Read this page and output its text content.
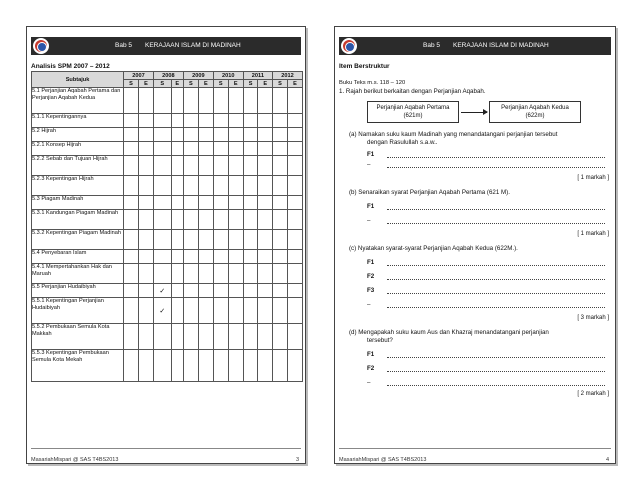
Bab 5 KERAJAAN ISLAM DI MADINAH
Analisis SPM 2007 – 2012
Subtajuk	2007		2008		2009		2010		2011		2012	
	S	E	S	E	S	E	S	E	S	E	S	E
5.1 Perjanjian Aqabah Pertama dan Perjanjian Aqabah Kedua												
5.1.1 Kepentingannya												
5.2 Hijrah												
5.2.1 Konsep Hijrah												
5.2.2 Sebab dan Tujuan Hijrah												
5.2.3 Kepentingan Hijrah												
5.3 Piagam Madinah												
5.3.1 Kandungan Piagam Madinah												
5.3.2 Kepentingan Piagam Madinah												
5.4 Penyebaran Islam												
5.4.1 Mempertahankan Hak dan Maruah												
5.5 Perjanjian Hudaibiyah			✓									
5.5.1 Kepentingan Perjanjian Hudaibiyah			✓									
5.5.2 Pembukaan Semula Kota Makkah												
5.5.3 Kepentingan Pembukaan Semula Kota Mekah												
MasariahMispari @ SAS T4BS2013	3
Bab 5 KERAJAAN ISLAM DI MADINAH
Item Berstruktur
Buku Teks m.s. 118 – 120
1. Rajah berikut berkaitan dengan Perjanjian Aqabah.
Perjanjian Aqabah Pertama
(621m)
Perjanjian Aqabah Kedua
(622m)
(a) Namakan suku kaum Madinah yang menandatangani perjanjian tersebut
dengan Rasulullah s.a.w..
F1
–
[ 1 markah ]
(b) Senaraikan syarat Perjanjian Aqabah Pertama (621 M).
F1
–
[ 1 markah ]
(c) Nyatakan syarat-syarat Perjanjian Aqabah Kedua (622M.).
F1
F2
F3
–
[ 3 markah ]
(d) Mengapakah suku kaum Aus dan Khazraj menandatangani perjanjian
tersebut?
F1
F2
–
[ 2 markah ]
MasariahMispari @ SAS T4BS2013	4
